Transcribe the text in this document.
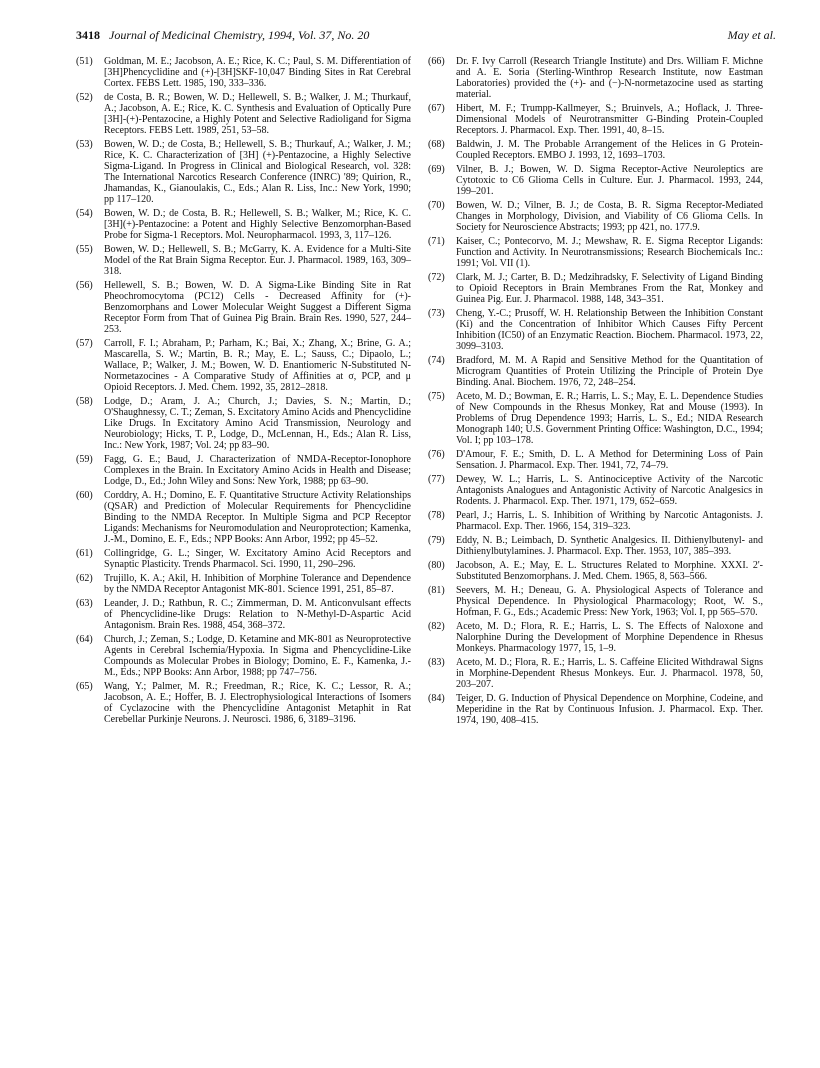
3418 Journal of Medicinal Chemistry, 1994, Vol. 37, No. 20	May et al.
(51)	Goldman, M. E.; Jacobson, A. E.; Rice, K. C.; Paul, S. M. Differentiation of [3H]Phencyclidine and (+)-[3H]SKF-10,047 Binding Sites in Rat Cerebral Cortex. FEBS Lett. 1985, 190, 333–336.
(52)	de Costa, B. R.; Bowen, W. D.; Hellewell, S. B.; Walker, J. M.; Thurkauf, A.; Jacobson, A. E.; Rice, K. C. Synthesis and Evaluation of Optically Pure [3H]-(+)-Pentazocine, a Highly Potent and Selective Radioligand for Sigma Receptors. FEBS Lett. 1989, 251, 53–58.
(53)	Bowen, W. D.; de Costa, B.; Hellewell, S. B.; Thurkauf, A.; Walker, J. M.; Rice, K. C. Characterization of [3H] (+)-Pentazocine, a Highly Selective Sigma-Ligand. In Progress in Clinical and Biological Research, vol. 328: The International Narcotics Research Conference (INRC) '89; Quirion, R., Jhamandas, K., Gianoulakis, C., Eds.; Alan R. Liss, Inc.: New York, 1990; pp 117–120.
(54)	Bowen, W. D.; de Costa, B. R.; Hellewell, S. B.; Walker, M.; Rice, K. C. [3H](+)-Pentazocine: a Potent and Highly Selective Benzomorphan-Based Probe for Sigma-1 Receptors. Mol. Neuropharmacol. 1993, 3, 117–126.
(55)	Bowen, W. D.; Hellewell, S. B.; McGarry, K. A. Evidence for a Multi-Site Model of the Rat Brain Sigma Receptor. Eur. J. Pharmacol. 1989, 163, 309–318.
(56)	Hellewell, S. B.; Bowen, W. D. A Sigma-Like Binding Site in Rat Pheochromocytoma (PC12) Cells - Decreased Affinity for (+)-Benzomorphans and Lower Molecular Weight Suggest a Different Sigma Receptor Form from That of Guinea Pig Brain. Brain Res. 1990, 527, 244–253.
(57)	Carroll, F. I.; Abraham, P.; Parham, K.; Bai, X.; Zhang, X.; Brine, G. A.; Mascarella, S. W.; Martin, B. R.; May, E. L.; Sauss, C.; Dipaolo, L.; Wallace, P.; Walker, J. M.; Bowen, W. D. Enantiomeric N-Substituted N-Normetazocines - A Comparative Study of Affinities at σ, PCP, and μ Opioid Receptors. J. Med. Chem. 1992, 35, 2812–2818.
(58)	Lodge, D.; Aram, J. A.; Church, J.; Davies, S. N.; Martin, D.; O'Shaughnessy, C. T.; Zeman, S. Excitatory Amino Acids and Phencyclidine Like Drugs. In Excitatory Amino Acid Transmission, Neurology and Neurobiology; Hicks, T. P., Lodge, D., McLennan, H., Eds.; Alan R. Liss, Inc.: New York, 1987; Vol. 24; pp 83–90.
(59)	Fagg, G. E.; Baud, J. Characterization of NMDA-Receptor-Ionophore Complexes in the Brain. In Excitatory Amino Acids in Health and Disease; Lodge, D., Ed.; John Wiley and Sons: New York, 1988; pp 63–90.
(60)	Corddry, A. H.; Domino, E. F. Quantitative Structure Activity Relationships (QSAR) and Prediction of Molecular Requirements for Phencyclidine Binding to the NMDA Receptor. In Multiple Sigma and PCP Receptor Ligands: Mechanisms for Neuromodulation and Neuroprotection; Kamenka, J.-M., Domino, E. F., Eds.; NPP Books: Ann Arbor, 1992; pp 45–52.
(61)	Collingridge, G. L.; Singer, W. Excitatory Amino Acid Receptors and Synaptic Plasticity. Trends Pharmacol. Sci. 1990, 11, 290–296.
(62)	Trujillo, K. A.; Akil, H. Inhibition of Morphine Tolerance and Dependence by the NMDA Receptor Antagonist MK-801. Science 1991, 251, 85–87.
(63)	Leander, J. D.; Rathbun, R. C.; Zimmerman, D. M. Anticonvulsant effects of Phencyclidine-like Drugs: Relation to N-Methyl-D-Aspartic Acid Antagonism. Brain Res. 1988, 454, 368–372.
(64)	Church, J.; Zeman, S.; Lodge, D. Ketamine and MK-801 as Neuroprotective Agents in Cerebral Ischemia/Hypoxia. In Sigma and Phencyclidine-Like Compounds as Molecular Probes in Biology; Domino, E. F., Kamenka, J.-M., Eds.; NPP Books: Ann Arbor, 1988; pp 747–756.
(65)	Wang, Y.; Palmer, M. R.; Freedman, R.; Rice, K. C.; Lessor, R. A.; Jacobson, A. E.; Hoffer, B. J. Electrophysiological Interactions of Isomers of Cyclazocine with the Phencyclidine Antagonist Metaphit in Rat Cerebellar Purkinje Neurons. J. Neurosci. 1986, 6, 3189–3196.
(66)	Dr. F. Ivy Carroll (Research Triangle Institute) and Drs. William F. Michne and A. E. Soria (Sterling-Winthrop Research Institute, now Eastman Laboratories) provided the (+)- and (−)-N-normetazocine used as starting material.
(67)	Hibert, M. F.; Trumpp-Kallmeyer, S.; Bruinvels, A.; Hoflack, J. Three-Dimensional Models of Neurotransmitter G-Binding Protein-Coupled Receptors. J. Pharmacol. Exp. Ther. 1991, 40, 8–15.
(68)	Baldwin, J. M. The Probable Arrangement of the Helices in G Protein-Coupled Receptors. EMBO J. 1993, 12, 1693–1703.
(69)	Vilner, B. J.; Bowen, W. D. Sigma Receptor-Active Neuroleptics are Cytotoxic to C6 Glioma Cells in Culture. Eur. J. Pharmacol. 1993, 244, 199–201.
(70)	Bowen, W. D.; Vilner, B. J.; de Costa, B. R. Sigma Receptor-Mediated Changes in Morphology, Division, and Viability of C6 Glioma Cells. In Society for Neuroscience Abstracts; 1993; pp 421, no. 177.9.
(71)	Kaiser, C.; Pontecorvo, M. J.; Mewshaw, R. E. Sigma Receptor Ligands: Function and Activity. In Neurotransmissions; Research Biochemicals Inc.: 1991; Vol. VII (1).
(72)	Clark, M. J.; Carter, B. D.; Medzihradsky, F. Selectivity of Ligand Binding to Opioid Receptors in Brain Membranes From the Rat, Monkey and Guinea Pig. Eur. J. Pharmacol. 1988, 148, 343–351.
(73)	Cheng, Y.-C.; Prusoff, W. H. Relationship Between the Inhibition Constant (Ki) and the Concentration of Inhibitor Which Causes Fifty Percent Inhibition (IC50) of an Enzymatic Reaction. Biochem. Pharmacol. 1973, 22, 3099–3103.
(74)	Bradford, M. M. A Rapid and Sensitive Method for the Quantitation of Microgram Quantities of Protein Utilizing the Principle of Protein Dye Binding. Anal. Biochem. 1976, 72, 248–254.
(75)	Aceto, M. D.; Bowman, E. R.; Harris, L. S.; May, E. L. Dependence Studies of New Compounds in the Rhesus Monkey, Rat and Mouse (1993). In Problems of Drug Dependence 1993; Harris, L. S., Ed.; NIDA Research Monograph 140; U.S. Government Printing Office: Washington, D.C., 1994; Vol. I; pp 103–178.
(76)	D'Amour, F. E.; Smith, D. L. A Method for Determining Loss of Pain Sensation. J. Pharmacol. Exp. Ther. 1941, 72, 74–79.
(77)	Dewey, W. L.; Harris, L. S. Antinociceptive Activity of the Narcotic Antagonists Analogues and Antagonistic Activity of Narcotic Analgesics in Rodents. J. Pharmacol. Exp. Ther. 1971, 179, 652–659.
(78)	Pearl, J.; Harris, L. S. Inhibition of Writhing by Narcotic Antagonists. J. Pharmacol. Exp. Ther. 1966, 154, 319–323.
(79)	Eddy, N. B.; Leimbach, D. Synthetic Analgesics. II. Dithienylbutenyl- and Dithienylbutylamines. J. Pharmacol. Exp. Ther. 1953, 107, 385–393.
(80)	Jacobson, A. E.; May, E. L. Structures Related to Morphine. XXXI. 2'-Substituted Benzomorphans. J. Med. Chem. 1965, 8, 563–566.
(81)	Seevers, M. H.; Deneau, G. A. Physiological Aspects of Tolerance and Physical Dependence. In Physiological Pharmacology; Root, W. S., Hofman, F. G., Eds.; Academic Press: New York, 1963; Vol. I, pp 565–570.
(82)	Aceto, M. D.; Flora, R. E.; Harris, L. S. The Effects of Naloxone and Nalorphine During the Development of Morphine Dependence in Rhesus Monkeys. Pharmacology 1977, 15, 1–9.
(83)	Aceto, M. D.; Flora, R. E.; Harris, L. S. Caffeine Elicited Withdrawal Signs in Morphine-Dependent Rhesus Monkeys. Eur. J. Pharmacol. 1978, 50, 203–207.
(84)	Teiger, D. G. Induction of Physical Dependence on Morphine, Codeine, and Meperidine in the Rat by Continuous Infusion. J. Pharmacol. Exp. Ther. 1974, 190, 408–415.
